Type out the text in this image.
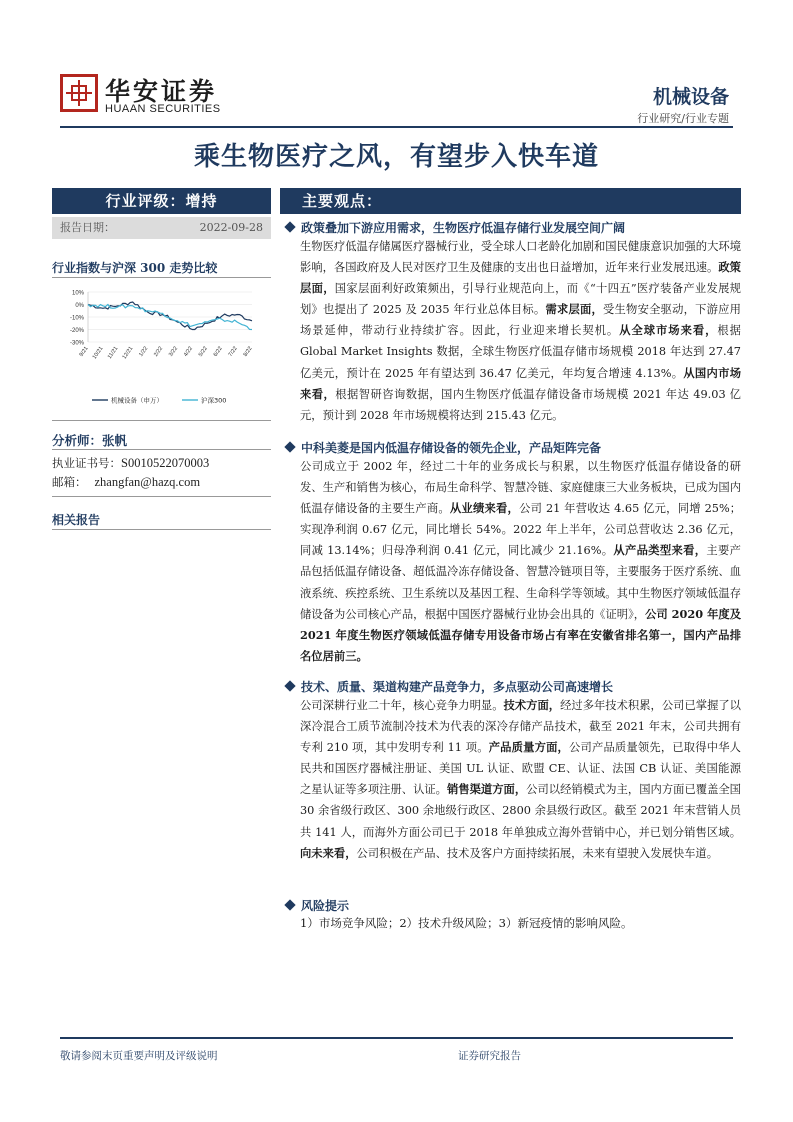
华安证券
HUAAN SECURITIES
机械设备
行业研究/行业专题
乘生物医疗之风，有望步入快车道
行业评级：增持
报告日期：	2022-09-28
行业指数与沪深 300 走势比较
10%
0%
-10%
-20%
-30%
9/21 10/21 11/21 12/21 1/22 2/22 3/22 4/22 5/22 6/22 7/22 8/22
机械设备（申万）	沪深300
分析师：张帆
执业证书号：S0010522070003
邮箱： zhangfan@hazq.com
相关报告
主要观点：
政策叠加下游应用需求，生物医疗低温存储行业发展空间广阔
生物医疗低温存储属医疗器械行业，受全球人口老龄化加剧和国民健康意识加强的大环境影响，各国政府及人民对医疗卫生及健康的支出也日益增加，近年来行业发展迅速。政策层面，国家层面利好政策频出，引导行业规范向上，而《“十四五”医疗装备产业发展规划》也提出了 2025 及 2035 年行业总体目标。需求层面，受生物安全驱动，下游应用场景延伸，带动行业持续扩容。因此，行业迎来增长契机。从全球市场来看，根据 Global Market Insights 数据，全球生物医疗低温存储市场规模 2018 年达到 27.47 亿美元，预计在 2025 年有望达到 36.47 亿美元，年均复合增速 4.13%。从国内市场来看，根据智研咨询数据，国内生物医疗低温存储设备市场规模 2021 年达 49.03 亿元，预计到 2028 年市场规模将达到 215.43 亿元。
中科美菱是国内低温存储设备的领先企业，产品矩阵完备
公司成立于 2002 年，经过二十年的业务成长与积累，以生物医疗低温存储设备的研发、生产和销售为核心，布局生命科学、智慧冷链、家庭健康三大业务板块，已成为国内低温存储设备的主要生产商。从业绩来看，公司 21 年营收达 4.65 亿元，同增 25%；实现净利润 0.67 亿元，同比增长 54%。2022 年上半年，公司总营收达 2.36 亿元，同减 13.14%；归母净利润 0.41 亿元，同比减少 21.16%。从产品类型来看，主要产品包括低温存储设备、超低温冷冻存储设备、智慧冷链项目等，主要服务于医疗系统、血液系统、疾控系统、卫生系统以及基因工程、生命科学等领域。其中生物医疗领域低温存储设备为公司核心产品，根据中国医疗器械行业协会出具的《证明》，公司 2020 年度及 2021 年度生物医疗领域低温存储专用设备市场占有率在安徽省排名第一，国内产品排名位居前三。
技术、质量、渠道构建产品竞争力，多点驱动公司高速增长
公司深耕行业二十年，核心竞争力明显。技术方面，经过多年技术积累，公司已掌握了以深冷混合工质节流制冷技术为代表的深冷存储产品技术，截至 2021 年末，公司共拥有专利 210 项，其中发明专利 11 项。产品质量方面，公司产品质量领先，已取得中华人民共和国医疗器械注册证、美国 UL 认证、欧盟 CE、认证、法国 CB 认证、美国能源之星认证等多项注册、认证。销售渠道方面，公司以经销模式为主，国内方面已覆盖全国 30 余省级行政区、300 余地级行政区、2800 余县级行政区。截至 2021 年末营销人员共 141 人，而海外方面公司已于 2018 年单独成立海外营销中心，并已划分销售区域。向未来看，公司积极在产品、技术及客户方面持续拓展，未来有望驶入发展快车道。
风险提示
1）市场竞争风险；2）技术升级风险；3）新冠疫情的影响风险。
敬请参阅末页重要声明及评级说明	证券研究报告
